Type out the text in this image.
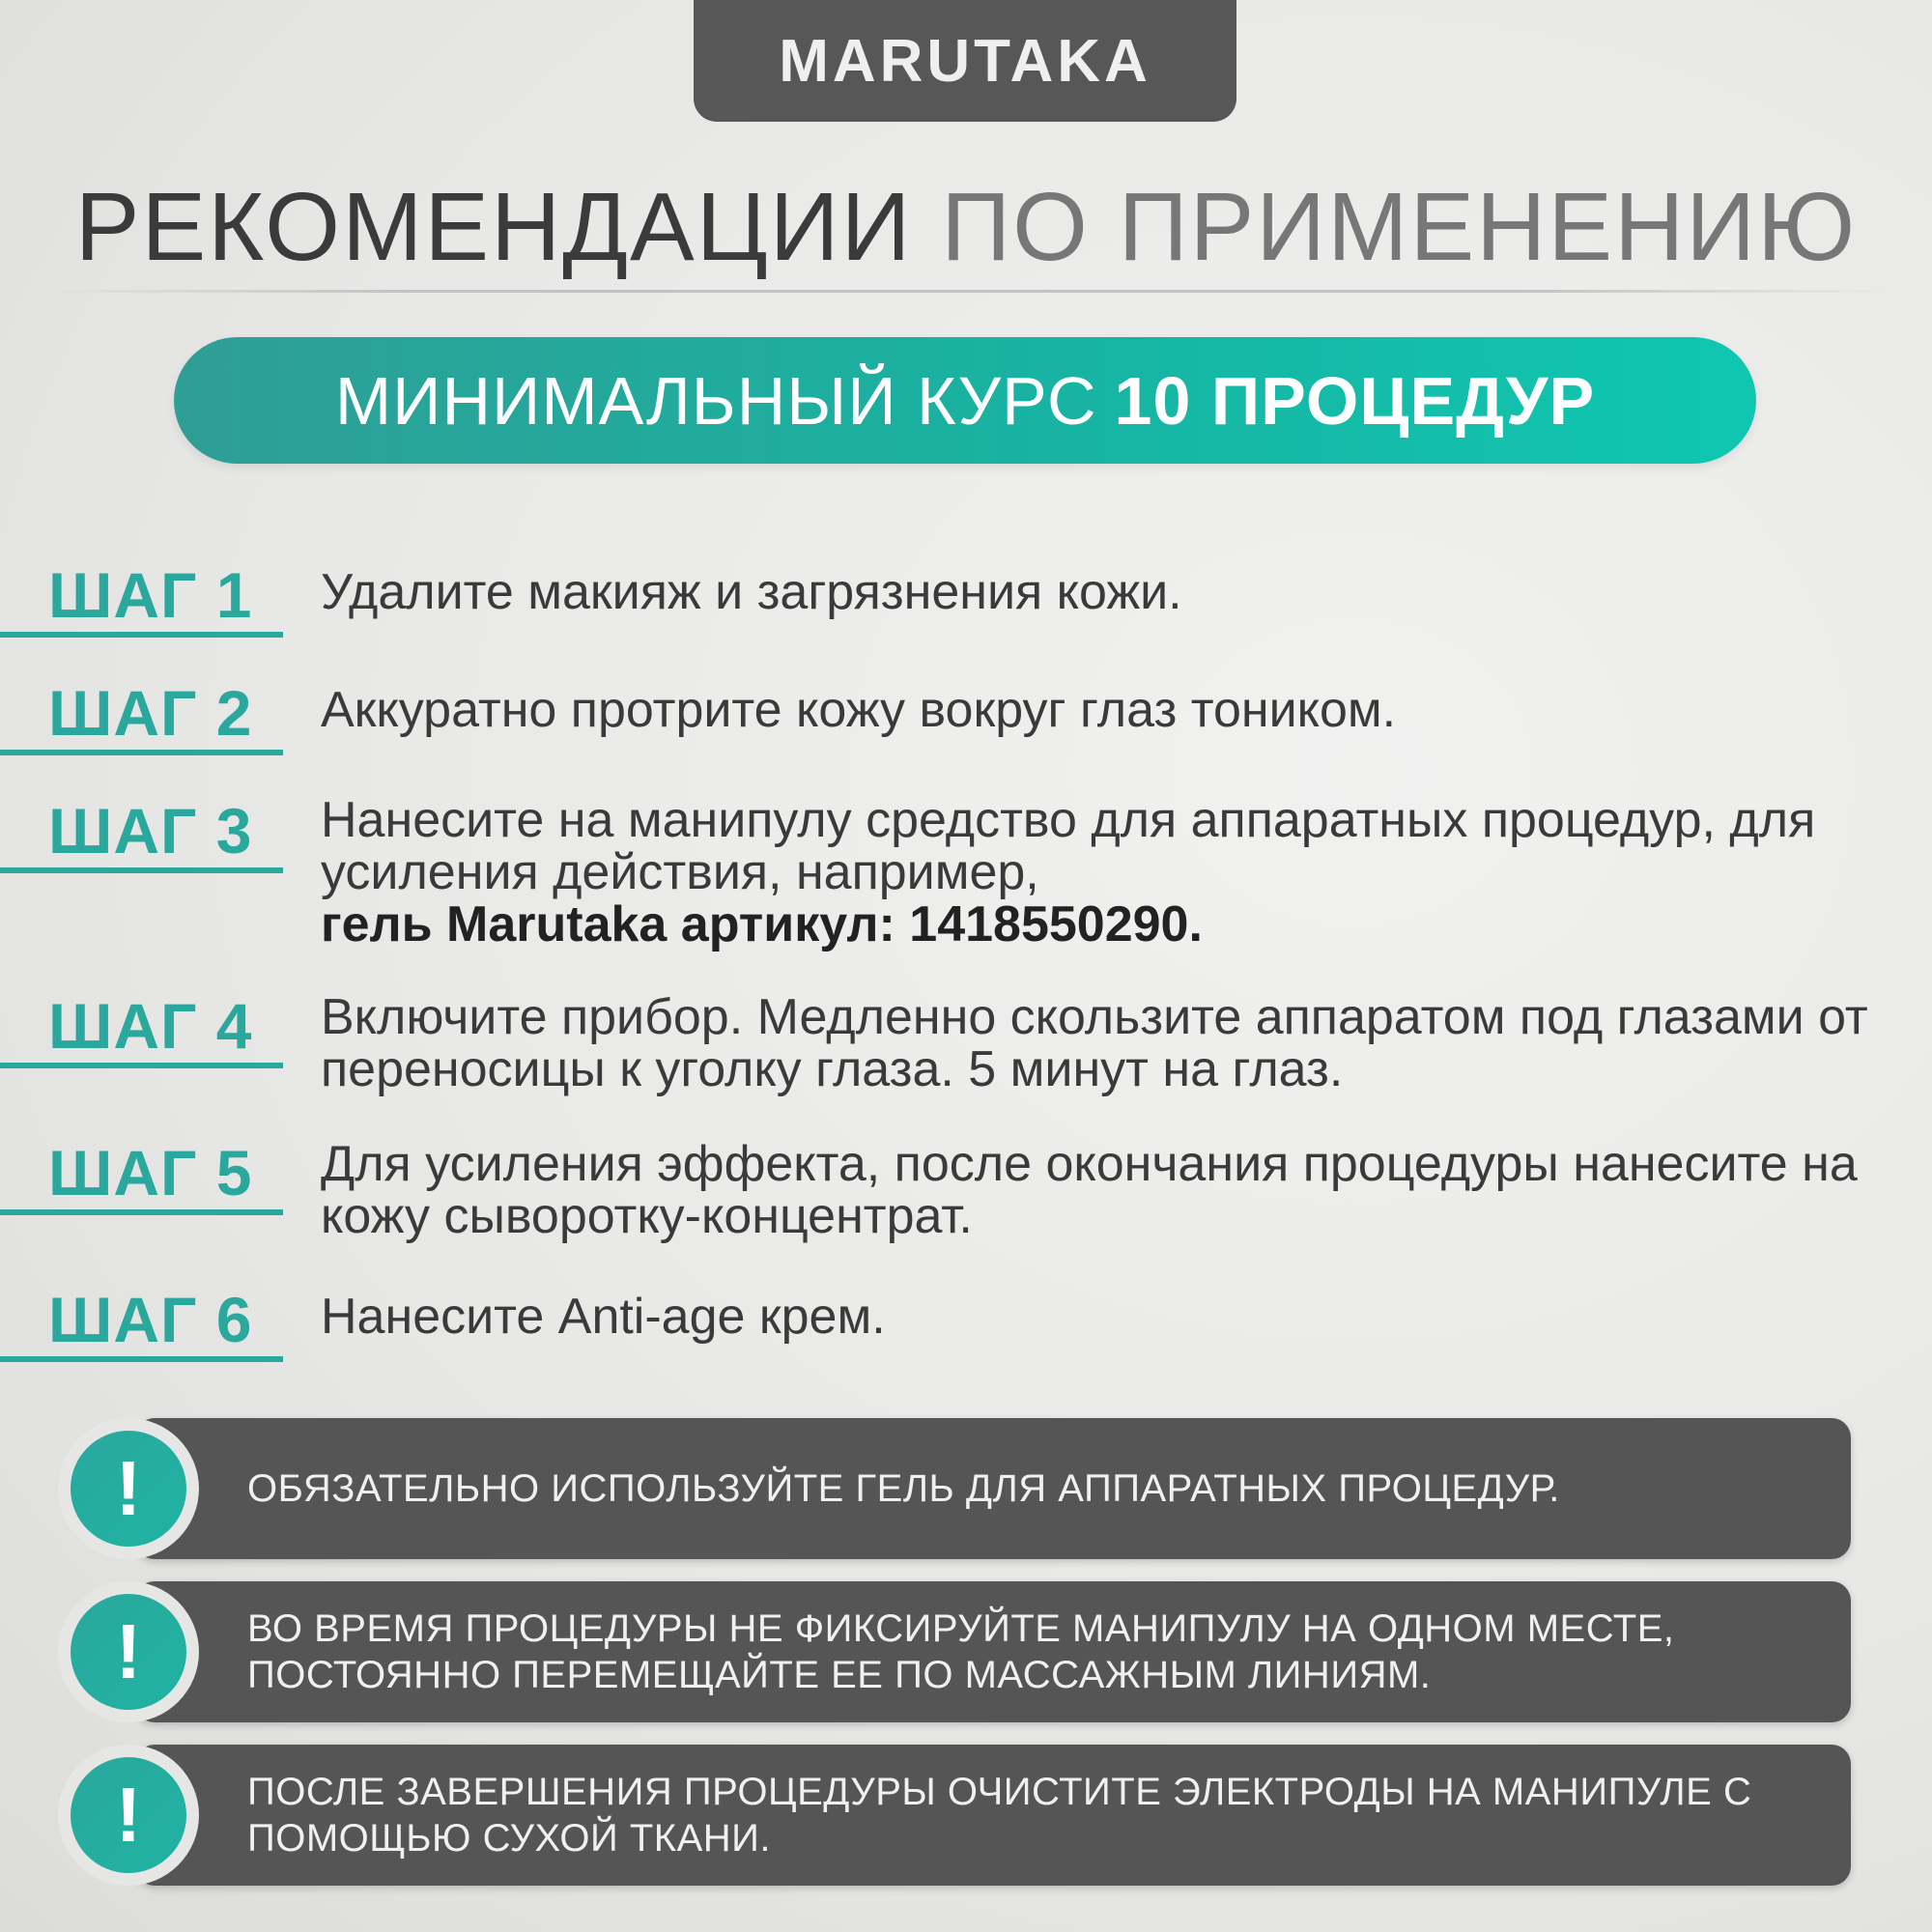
MARUTAKA
РЕКОМЕНДАЦИИ ПО ПРИМЕНЕНИЮ
МИНИМАЛЬНЫЙ КУРС 10 ПРОЦЕДУР
ШАГ 1	Удалите макияж и загрязнения кожи.
ШАГ 2	Аккуратно протрите кожу вокруг глаз тоником.
ШАГ 3	Нанесите на манипулу средство для аппаратных процедур, для усиления действия, например,
гель Marutaka артикул: 1418550290.
ШАГ 4	Включите прибор. Медленно скользите аппаратом под глазами от переносицы к уголку глаза. 5 минут на глаз.
ШАГ 5	Для усиления эффекта, после окончания процедуры нанесите на кожу сыворотку-концентрат.
ШАГ 6	Нанесите Anti-age крем.
!	ОБЯЗАТЕЛЬНО ИСПОЛЬЗУЙТЕ ГЕЛЬ ДЛЯ АППАРАТНЫХ ПРОЦЕДУР.
!	ВО ВРЕМЯ ПРОЦЕДУРЫ НЕ ФИКСИРУЙТЕ МАНИПУЛУ НА ОДНОМ МЕСТЕ, ПОСТОЯННО ПЕРЕМЕЩАЙТЕ ЕЕ ПО МАССАЖНЫМ ЛИНИЯМ.
!	ПОСЛЕ ЗАВЕРШЕНИЯ ПРОЦЕДУРЫ ОЧИСТИТЕ ЭЛЕКТРОДЫ НА МАНИПУЛЕ С ПОМОЩЬЮ СУХОЙ ТКАНИ.
